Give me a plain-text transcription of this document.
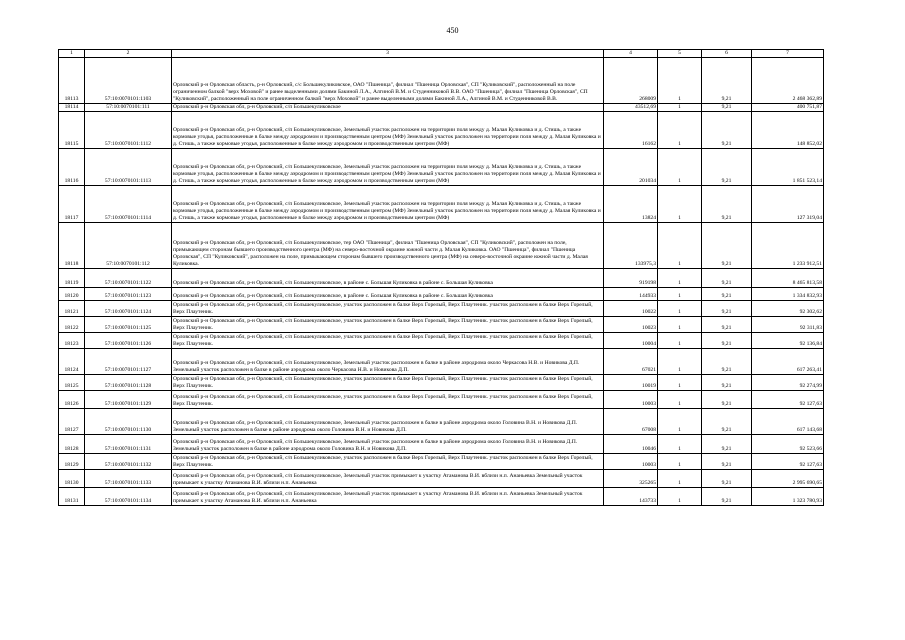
450
1	2	3	4	5	6	7
18113	57:10:0070101:1103	Орловский р-н Орловская область, р-н Орловский, с/с Большекуликовское, ОАО "Пшеница", филиал "Пшеница Орловская", СП "Куликовский", расположенный на поле ограниченном балкой "верх Моховой" и ранее выделенными долями Бакиной Л.А., Алгиной В.М. и Студенниковой В.В. ОАО "Пшеница", филиал "Пшеница Орловская", СП "Куликовский", расположенный на поле ограниченном балкой "верх Моховой" и ранее выделенными долями Бакиной Л.А., Алгиной В.М. и Студенниковой В.В.	268009	1	9,21	2 468 362,89
18114	57:10:0070101:111	Орловский р-н Орловская обл, р-н Орловский, с/п Большекуликовское	43512,69	1	9,21	400 751,87
18115	57:10:0070101:1112	Орловский р-н Орловская обл, р-н Орловский, с/п Большекуликовское, Земельный участок расположен на территории поля между д. Малая Куликовка и д. Стишь, а также кормовые угодья, расположенные в балке между аэродромом и производственным центром (МФ) Земельный участок расположен на территории поля между д. Малая Куликовка и д. Стишь, а также кормовые угодья, расположенные в балке между аэродромом и производственным центром (МФ)	16162	1	9,21	148 852,02
18116	57:10:0070101:1113	Орловский р-н Орловская обл, р-н Орловский, с/п Большекуликовское, Земельный участок расположен на территории поля между д. Малая Куликовка и д. Стишь, а также кормовые угодья, расположенные в балке между аэродромом и производственным центром (МФ) Земельный участок расположен на территории поля между д. Малая Куликовка и д. Стишь, а также кормовые угодья, расположенные в балке между аэродромом и производственным центром (МФ)	201034	1	9,21	1 851 523,14
18117	57:10:0070101:1114	Орловский р-н Орловская обл, р-н Орловский, с/п Большекуликовское, Земельный участок расположен на территории поля между д. Малая Куликовка и д. Стишь, а также кормовые угодья, расположенные в балке между аэродромом и производственным центром (МФ) Земельный участок расположен на территории поля между д. Малая Куликовка и д. Стишь, а также кормовые угодья, расположенные в балке между аэродромом и производственным центром (МФ)	13824	1	9,21	127 319,04
18118	57:10:0070101:112	Орловский р-н Орловская обл, р-н Орловский, с/п Большекуликовское, тер ОАО "Пшеница", филиал "Пшеница Орловская", СП "Куликовский", расположен на поле, примыкающем сторонам бывшего производственного центра (МФ) на северо-восточной окраине южной части д. Малая Куликовка. ОАО "Пшеница", филиал "Пшеница Орловская", СП "Куликовский", расположен на поле, примыкающем сторонам бывшего производственного центра (МФ) на северо-восточной окраине южной части д. Малая Куликовка.	133975,3	1	9,21	1 233 912,51
18119	57:10:0070101:1122	Орловский р-н Орловская обл, р-н Орловский, с/п Большекуликовское, в районе с. Большая Куликовка в районе с. Большая Куликовка	919198	1	9,21	8 465 813,58
18120	57:10:0070101:1123	Орловский р-н Орловская обл, р-н Орловский, с/п Большекуликовское, в районе с. Большая Куликовка в районе с. Большая Куликовка	144933	1	9,21	1 334 832,93
18121	57:10:0070101:1124	Орловский р-н Орловская обл, р-н Орловский, с/п Большекуликовское, участок расположен в балке Верх Горелый, Верх Плаутеник. участок расположен в балке Верх Горелый, Верх Плаутеник.	10022	1	9,21	92 302,62
18122	57:10:0070101:1125	Орловский р-н Орловская обл, р-н Орловский, с/п Большекуликовское, участок расположен в балке Верх Горелый, Верх Плаутеник. участок расположен в балке Верх Горелый, Верх Плаутеник.	10023	1	9,21	92 311,83
18123	57:10:0070101:1126	Орловский р-н Орловская обл, р-н Орловский, с/п Большекуликовское, участок расположен в балке Верх Горелый, Верх Плаутеник. участок расположен в балке Верх Горелый, Верх Плаутеник.	10004	1	9,21	92 136,84
18124	57:10:0070101:1127	Орловский р-н Орловская обл, р-н Орловский, с/п Большекуликовское, Земельный участок расположен в балке в районе аэродрома около Черкасова Н.В. и Новикова Д.П. Земельный участок расположен в балке в районе аэродрома около Черкасова Н.В. и Новикова Д.П.	67021	1	9,21	617 263,41
18125	57:10:0070101:1128	Орловский р-н Орловская обл, р-н Орловский, с/п Большекуликовское, участок расположен в балке Верх Горелый, Верх Плаутеник. участок расположен в балке Верх Горелый, Верх Плаутеник.	10019	1	9,21	92 274,99
18126	57:10:0070101:1129	Орловский р-н Орловская обл, р-н Орловский, с/п Большекуликовское, участок расположен в балке Верх Горелый, Верх Плаутеник. участок расположен в балке Верх Горелый, Верх Плаутеник.	10003	1	9,21	92 127,63
18127	57:10:0070101:1130	Орловский р-н Орловская обл, р-н Орловский, с/п Большекуликовское, Земельный участок расположен в балке в районе аэродрома около Головина В.Н. и Новикова Д.П. Земельный участок расположен в балке в районе аэродрома около Головина В.Н. и Новикова Д.П.	67008	1	9,21	617 143,68
18128	57:10:0070101:1131	Орловский р-н Орловская обл, р-н Орловский, с/п Большекуликовское, Земельный участок расположен в балке в районе аэродрома около Головина В.Н. и Новикова Д.П. Земельный участок расположен в балке в районе аэродрома около Головина В.Н. и Новикова Д.П.	10046	1	9,21	92 523,66
18129	57:10:0070101:1132	Орловский р-н Орловская обл, р-н Орловский, с/п Большекуликовское, участок расположен в балке Верх Горелый, Верх Плаутеник. участок расположен в балке Верх Горелый, Верх Плаутеник.	10003	1	9,21	92 127,63
18130	57:10:0070101:1133	Орловский р-н Орловская обл, р-н Орловский, с/п Большекуликовское, Земельный участок примыкает к участку Атаманова В.И. вблизи н.п. Ананьевка Земельный участок примыкает к участку Атаманова В.И. вблизи н.п. Ананьевка	325265	1	9,21	2 995 690,65
18131	57:10:0070101:1134	Орловский р-н Орловская обл, р-н Орловский, с/п Большекуликовское, Земельный участок примыкает к участку Атаманова В.И. вблизи н.п. Ананьевка Земельный участок примыкает к участку Атаманова В.И. вблизи н.п. Ананьевка	143733	1	9,21	1 323 780,93
